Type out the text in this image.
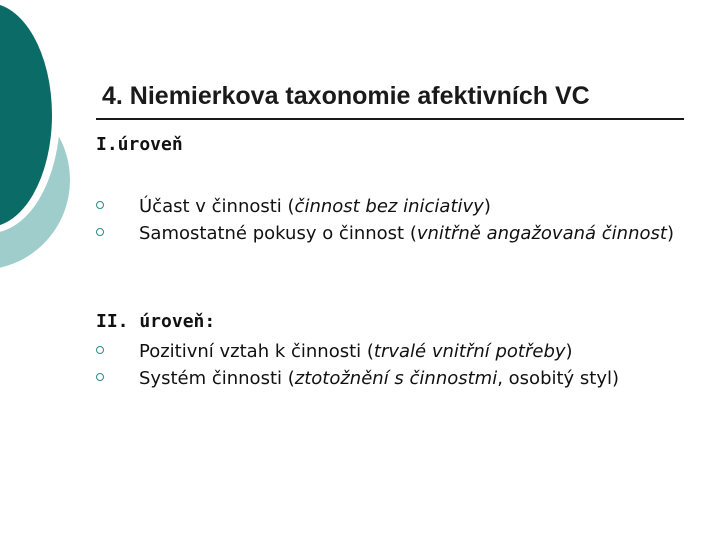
4. Niemierkova taxonomie afektivních VC

I.úroveň

Účast v činnosti (činnost bez iniciativy)
Samostatné pokusy o činnost (vnitřně angažovaná činnost)

II. úroveň:

Pozitivní vztah k činnosti (trvalé vnitřní potřeby)
Systém činnosti (ztotožnění s činnostmi, osobitý styl)
